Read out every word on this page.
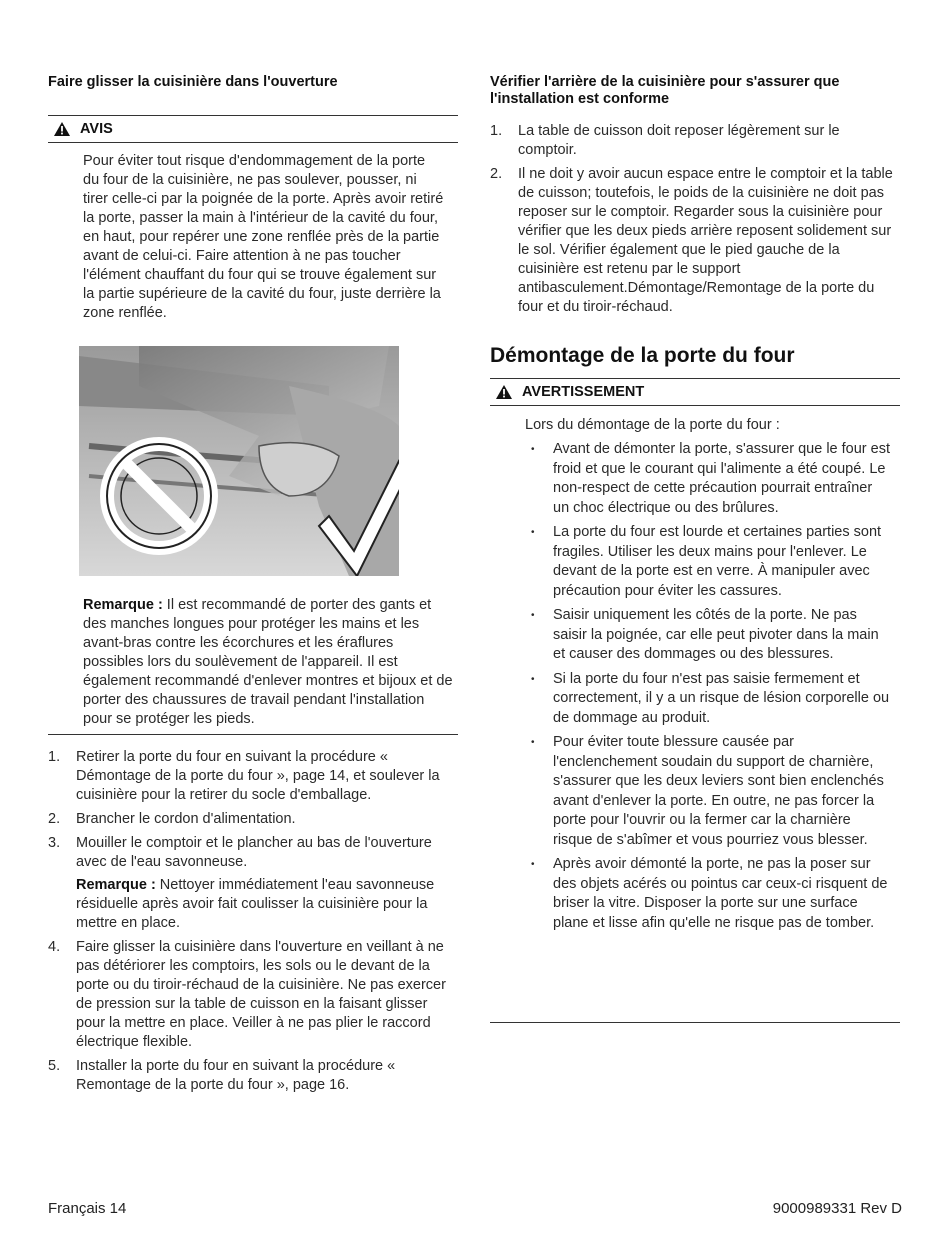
Faire glisser la cuisinière dans l'ouverture
AVIS

Pour éviter tout risque d'endommagement de la porte du four de la cuisinière, ne pas soulever, pousser, ni tirer celle-ci par la poignée de la porte. Après avoir retiré la porte, passer la main à l'intérieur de la cavité du four, en haut, pour repérer une zone renflée près de la partie avant de celui-ci. Faire attention à ne pas toucher l'élément chauffant du four qui se trouve également sur la partie supérieure de la cavité du four, juste derrière la zone renflée.

Remarque : Il est recommandé de porter des gants et des manches longues pour protéger les mains et les avant-bras contre les écorchures et les éraflures possibles lors du soulèvement de l'appareil. Il est également recommandé d'enlever montres et bijoux et de porter des chaussures de travail pendant l'installation pour se protéger les pieds.

1.	Retirer la porte du four en suivant la procédure « Démontage de la porte du four », page 14, et soulever la cuisinière pour la retirer du socle d'emballage.
2.	Brancher le cordon d'alimentation.
3.	Mouiller le comptoir et le plancher au bas de l'ouverture avec de l'eau savonneuse.
Remarque : Nettoyer immédiatement l'eau savonneuse résiduelle après avoir fait coulisser la cuisinière pour la mettre en place.
4.	Faire glisser la cuisinière dans l'ouverture en veillant à ne pas détériorer les comptoirs, les sols ou le devant de la porte ou du tiroir-réchaud de la cuisinière. Ne pas exercer de pression sur la table de cuisson en la faisant glisser pour la mettre en place. Veiller à ne pas plier le raccord électrique flexible.
5.	Installer la porte du four en suivant la procédure « Remontage de la porte du four », page 16.
Vérifier l'arrière de la cuisinière pour s'assurer que l'installation est conforme
1.	La table de cuisson doit reposer légèrement sur le comptoir.
2.	Il ne doit y avoir aucun espace entre le comptoir et la table de cuisson; toutefois, le poids de la cuisinière ne doit pas reposer sur le comptoir. Regarder sous la cuisinière pour vérifier que les deux pieds arrière reposent solidement sur le sol. Vérifier également que le pied gauche de la cuisinière est retenu par le support antibasculement.Démontage/Remontage de la porte du four et du tiroir-réchaud.
Démontage de la porte du four
AVERTISSEMENT

Lors du démontage de la porte du four :

•	Avant de démonter la porte, s'assurer que le four est froid et que le courant qui l'alimente a été coupé. Le non-respect de cette précaution pourrait entraîner un choc électrique ou des brûlures.
•	La porte du four est lourde et certaines parties sont fragiles. Utiliser les deux mains pour l'enlever. Le devant de la porte est en verre. À manipuler avec précaution pour éviter les cassures.
•	Saisir uniquement les côtés de la porte. Ne pas saisir la poignée, car elle peut pivoter dans la main et causer des dommages ou des blessures.
•	Si la porte du four n'est pas saisie fermement et correctement, il y a un risque de lésion corporelle ou de dommage au produit.
•	Pour éviter toute blessure causée par l'enclenchement soudain du support de charnière, s'assurer que les deux leviers sont bien enclenchés avant d'enlever la porte. En outre, ne pas forcer la porte pour l'ouvrir ou la fermer car la charnière risque de s'abîmer et vous pourriez vous blesser.
•	Après avoir démonté la porte, ne pas la poser sur des objets acérés ou pointus car ceux-ci risquent de briser la vitre. Disposer la porte sur une surface plane et lisse afin qu'elle ne risque pas de tomber.
Français 14	9000989331 Rev D
